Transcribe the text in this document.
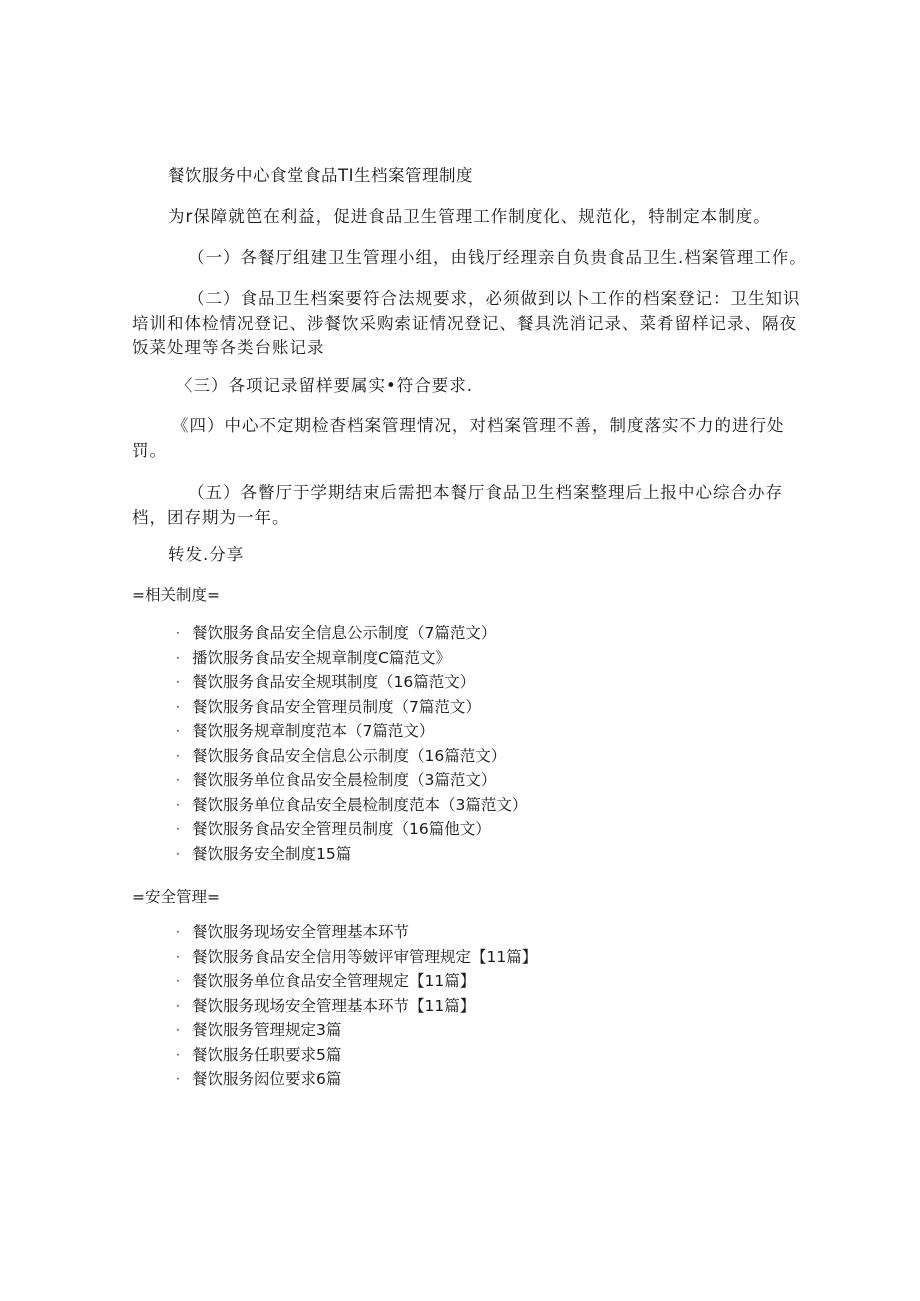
餐饮服务中心食堂食品TI生档案管理制度
为r保障就笆在利益，促进食品卫生管理工作制度化、规范化，特制定本制度。
（一）各餐厅组建卫生管理小组，由钱厅经理亲自负贵食品卫生.档案管理工作。
（二）食品卫生档案要符合法规要求，必须做到以卜工作的档案登记：卫生知识
培训和体检情况登记、涉餐饮采购索证情况登记、餐具洗消记录、菜肴留样记录、隔夜
饭菜处理等各类台账记录
〈三）各项记录留样要属实•符合要求.
《四）中心不定期检杳档案管理情况，对档案管理不善，制度落实不力的进行处
罚。
（五）各瞥厅于学期结束后需把本餐厅食品卫生档案整理后上报中心综合办存
档，团存期为一年。
转发.分享
=相关制度=
· 餐饮服务食品安全信息公示制度（7篇范文）
· 播饮服务食品安全规章制度C篇范文》
· 餐饮服务食品安全规琪制度（16篇范文）
· 餐饮服务食品安全管理员制度（7篇范文）
· 餐饮服务规章制度范本（7篇范文）
· 餐饮服务食品安全信息公示制度（16篇范文）
· 餐饮服务单位食品安全晨检制度（3篇范文）
· 餐饮服务单位食品安全晨检制度范本（3篇范文）
· 餐饮服务食品安全管理员制度（16篇他文）
· 餐饮服务安全制度15篇
=安全管理=
· 餐饮服务现场安全管理基本环节
· 餐饮服务食品安全信用等皴评审管理规定【11篇】
· 餐饮服务单位食品安全管理规定【11篇】
· 餐饮服务现场安全管理基本环节【11篇】
· 餐饮服务管理规定3篇
· 餐饮服务任职要求5篇
· 餐饮服务闳位要求6篇
